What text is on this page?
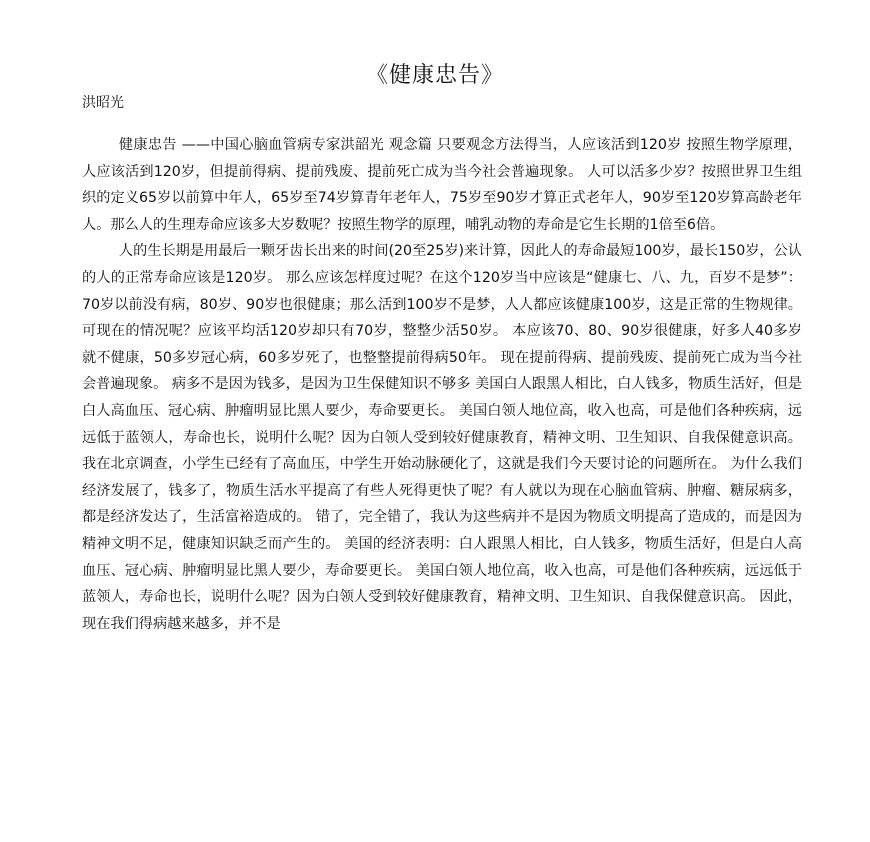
《健康忠告》
洪昭光

健康忠告 ——中国心脑血管病专家洪韶光 观念篇 只要观念方法得当，人应该活到120岁 按照生物学原理，人应该活到120岁，但提前得病、提前残废、提前死亡成为当今社会普遍现象。 人可以活多少岁？按照世界卫生组织的定义65岁以前算中年人，65岁至74岁算青年老年人，75岁至90岁才算正式老年人，90岁至120岁算高龄老年人。那么人的生理寿命应该多大岁数呢？按照生物学的原理，哺乳动物的寿命是它生长期的1倍至6倍。

人的生长期是用最后一颗牙齿长出来的时间(20至25岁)来计算，因此人的寿命最短100岁，最长150岁，公认的人的正常寿命应该是120岁。 那么应该怎样度过呢？在这个120岁当中应该是“健康七、八、九，百岁不是梦”：70岁以前没有病，80岁、90岁也很健康；那么活到100岁不是梦，人人都应该健康100岁，这是正常的生物规律。 可现在的情况呢？应该平均活120岁却只有70岁，整整少活50岁。 本应该70、80、90岁很健康，好多人40多岁就不健康，50多岁冠心病，60多岁死了，也整整提前得病50年。 现在提前得病、提前残废、提前死亡成为当今社会普遍现象。 病多不是因为钱多，是因为卫生保健知识不够多 美国白人跟黑人相比，白人钱多，物质生活好，但是白人高血压、冠心病、肿瘤明显比黑人要少，寿命要更长。 美国白领人地位高，收入也高，可是他们各种疾病，远远低于蓝领人，寿命也长，说明什么呢？因为白领人受到较好健康教育，精神文明、卫生知识、自我保健意识高。 我在北京调查，小学生已经有了高血压，中学生开始动脉硬化了，这就是我们今天要讨论的问题所在。 为什么我们经济发展了，钱多了，物质生活水平提高了有些人死得更快了呢？有人就以为现在心脑血管病、肿瘤、糖尿病多，都是经济发达了，生活富裕造成的。 错了，完全错了，我认为这些病并不是因为物质文明提高了造成的，而是因为精神文明不足，健康知识缺乏而产生的。 美国的经济表明：白人跟黑人相比，白人钱多，物质生活好，但是白人高血压、冠心病、肿瘤明显比黑人要少，寿命要更长。 美国白领人地位高，收入也高，可是他们各种疾病，远远低于蓝领人，寿命也长，说明什么呢？因为白领人受到较好健康教育，精神文明、卫生知识、自我保健意识高。 因此，现在我们得病越来越多，并不是
